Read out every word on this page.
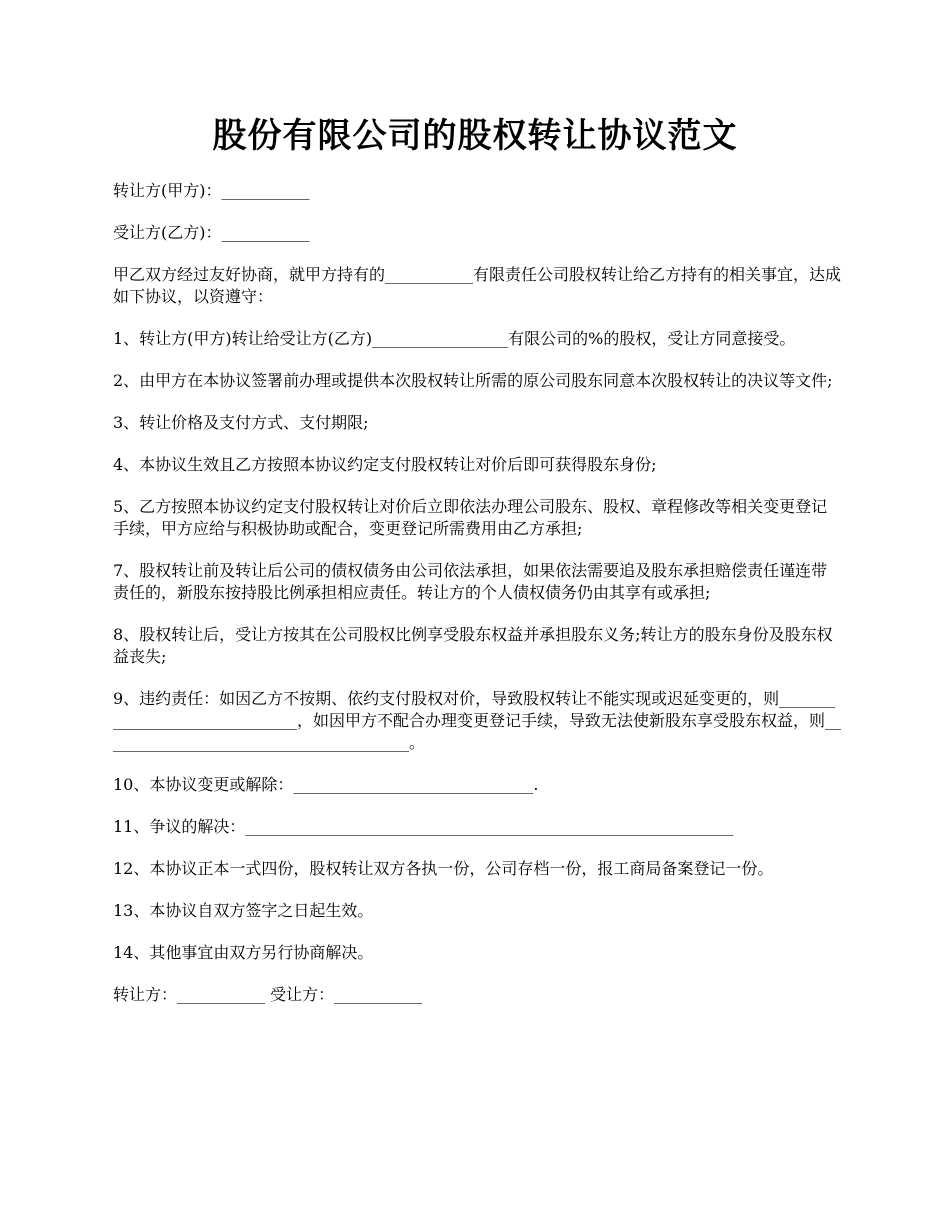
股份有限公司的股权转让协议范文

转让方(甲方)：___________

受让方(乙方)：___________

甲乙双方经过友好协商，就甲方持有的___________有限责任公司股权转让给乙方持有的相关事宜，达成如下协议，以资遵守：

1、转让方(甲方)转让给受让方(乙方)_________________有限公司的%的股权，受让方同意接受。

2、由甲方在本协议签署前办理或提供本次股权转让所需的原公司股东同意本次股权转让的决议等文件;

3、转让价格及支付方式、支付期限;

4、本协议生效且乙方按照本协议约定支付股权转让对价后即可获得股东身份;

5、乙方按照本协议约定支付股权转让对价后立即依法办理公司股东、股权、章程修改等相关变更登记手续，甲方应给与积极协助或配合，变更登记所需费用由乙方承担;

7、股权转让前及转让后公司的债权债务由公司依法承担，如果依法需要追及股东承担赔偿责任谨连带责任的，新股东按持股比例承担相应责任。转让方的个人债权债务仍由其享有或承担;

8、股权转让后，受让方按其在公司股权比例享受股东权益并承担股东义务;转让方的股东身份及股东权益丧失;

9、违约责任：如因乙方不按期、依约支付股权对价，导致股权转让不能实现或迟延变更的，则______________________________，如因甲方不配合办理变更登记手续，导致无法使新股东享受股东权益，则_______________________________________。

10、本协议变更或解除：______________________________.

11、争议的解决：_____________________________________________________________

12、本协议正本一式四份，股权转让双方各执一份，公司存档一份，报工商局备案登记一份。

13、本协议自双方签字之日起生效。

14、其他事宜由双方另行协商解决。

转让方：___________ 受让方：___________
